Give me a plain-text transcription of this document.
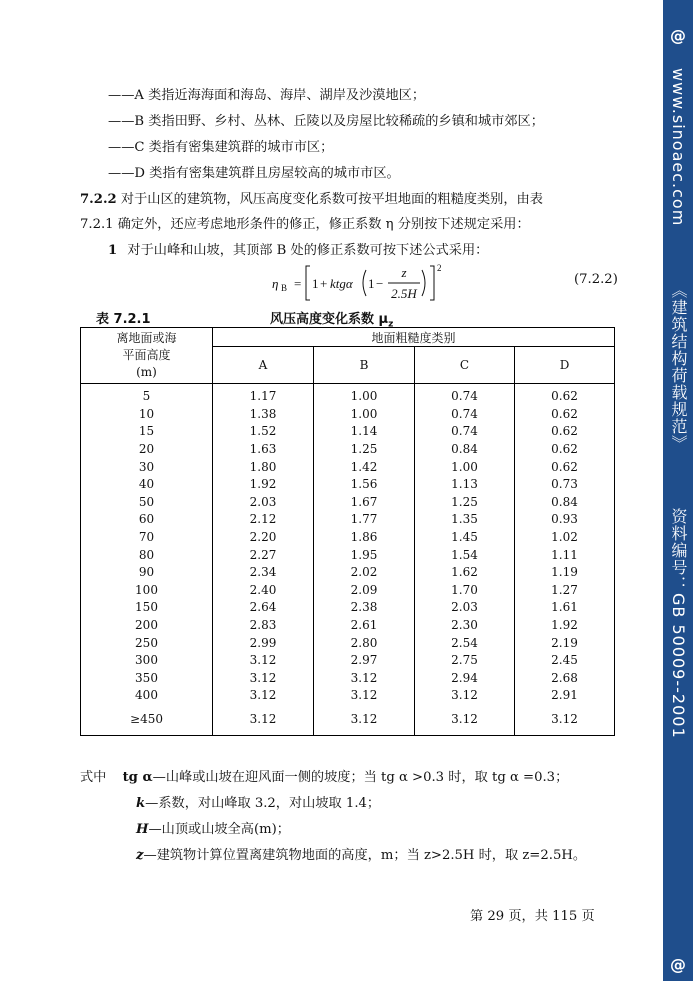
@
www.sinoaec.com 《建筑结构荷载规范》 资料编号：GB 50009--2001
@
——A 类指近海海面和海岛、海岸、湖岸及沙漠地区；
——B 类指田野、乡村、丛林、丘陵以及房屋比较稀疏的乡镇和城市郊区；
——C 类指有密集建筑群的城市市区；
——D 类指有密集建筑群且房屋较高的城市市区。
7.2.2 对于山区的建筑物，风压高度变化系数可按平坦地面的粗糙度类别，由表
7.2.1 确定外，还应考虑地形条件的修正，修正系数 η 分别按下述规定采用：
1 对于山峰和山坡，其顶部 B 处的修正系数可按下述公式采用：
η B = 1 + ktgα 1 −
z
2.5H
2
(7.2.2)
表 7.2.1	风压高度变化系数 $\mu_z$
离地面或海
平面高度
(m)	地面粗糙度类别			
	A	B	C	D
5	1.17	1.00	0.74	0.62
10	1.38	1.00	0.74	0.62
15	1.52	1.14	0.74	0.62
20	1.63	1.25	0.84	0.62
30	1.80	1.42	1.00	0.62
40	1.92	1.56	1.13	0.73
50	2.03	1.67	1.25	0.84
60	2.12	1.77	1.35	0.93
70	2.20	1.86	1.45	1.02
80	2.27	1.95	1.54	1.11
90	2.34	2.02	1.62	1.19
100	2.40	2.09	1.70	1.27
150	2.64	2.38	2.03	1.61
200	2.83	2.61	2.30	1.92
250	2.99	2.80	2.54	2.19
300	3.12	2.97	2.75	2.45
350	3.12	3.12	2.94	2.68
400	3.12	3.12	3.12	2.91
≥450	3.12	3.12	3.12	3.12
式中 tg α—山峰或山坡在迎风面一侧的坡度；当 tg α >0.3 时，取 tg α =0.3；
k—系数，对山峰取 3.2，对山坡取 1.4；
H—山顶或山坡全高(m)；
z—建筑物计算位置离建筑物地面的高度，m；当 z>2.5H 时，取 z=2.5H。
第 29 页，共 115 页
